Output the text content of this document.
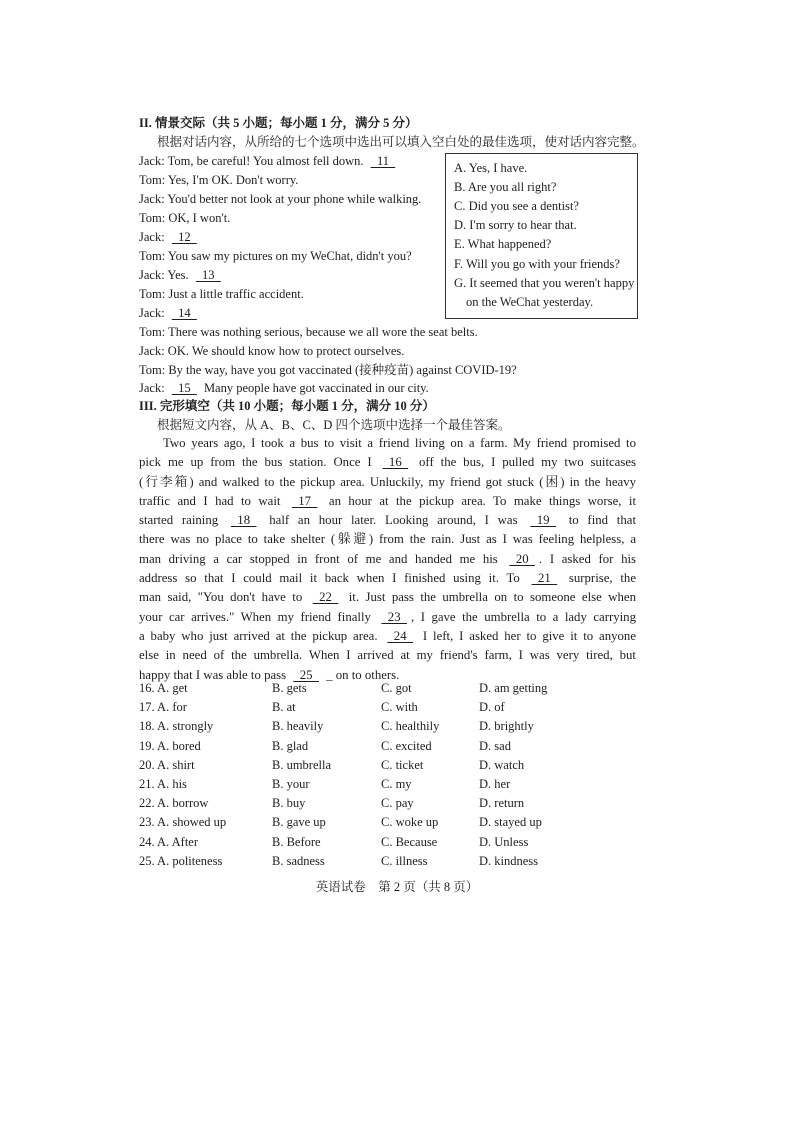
II. 情景交际（共 5 小题；每小题 1 分，满分 5 分）
根据对话内容，从所给的七个选项中选出可以填入空白处的最佳选项，使对话内容完整。
Jack: Tom, be careful! You almost fell down.   11
Tom: Yes, I'm OK. Don't worry.
Jack: You'd better not look at your phone while walking.
Tom: OK, I won't.
Jack:   12
Tom: You saw my pictures on my WeChat, didn't you?
Jack: Yes.   13
Tom: Just a little traffic accident.
Jack:   14
Tom: There was nothing serious, because we all wore the seat belts.
Jack: OK. We should know how to protect ourselves.
Tom: By the way, have you got vaccinated (接种疫苗) against COVID-19?
Jack:   15   Many people have got vaccinated in our city.
A. Yes, I have.
B. Are you all right?
C. Did you see a dentist?
D. I'm sorry to hear that.
E. What happened?
F. Will you go with your friends?
G. It seemed that you weren't happy
on the WeChat yesterday.
III. 完形填空（共 10 小题；每小题 1 分，满分 10 分）
根据短文内容，从 A、B、C、D 四个选项中选择一个最佳答案。
Two years ago, I took a bus to visit a friend living on a farm. My friend promised to
pick me up from the bus station. Once I   16   off the bus, I pulled my two suitcases
(行李箱) and walked to the pickup area. Unluckily, my friend got stuck (困) in the heavy
traffic and I had to wait   17   an hour at the pickup area. To make things worse, it
started raining   18   half an hour later. Looking around, I was   19   to find that
there was no place to take shelter (躲避) from the rain. Just as I was feeling helpless, a
man driving a car stopped in front of me and handed me his   20  . I asked for his
address so that I could mail it back when I finished using it. To   21   surprise, the
man said, "You don't have to   22   it. Just pass the umbrella on to someone else when
your car arrives." When my friend finally   23  , I gave the umbrella to a lady carrying
a baby who just arrived at the pickup area.   24   I left, I asked her to give it to anyone
else in need of the umbrella. When I arrived at my friend's farm, I was very tired, but
happy that I was able to pass   25   _ on to others.
16. A. get	B. gets	C. got	D. am getting
17. A. for	B. at	C. with	D. of
18. A. strongly	B. heavily	C. healthily	D. brightly
19. A. bored	B. glad	C. excited	D. sad
20. A. shirt	B. umbrella	C. ticket	D. watch
21. A. his	B. your	C. my	D. her
22. A. borrow	B. buy	C. pay	D. return
23. A. showed up	B. gave up	C. woke up	D. stayed up
24. A. After	B. Before	C. Because	D. Unless
25. A. politeness	B. sadness	C. illness	D. kindness
英语试卷　第 2 页（共 8 页）
